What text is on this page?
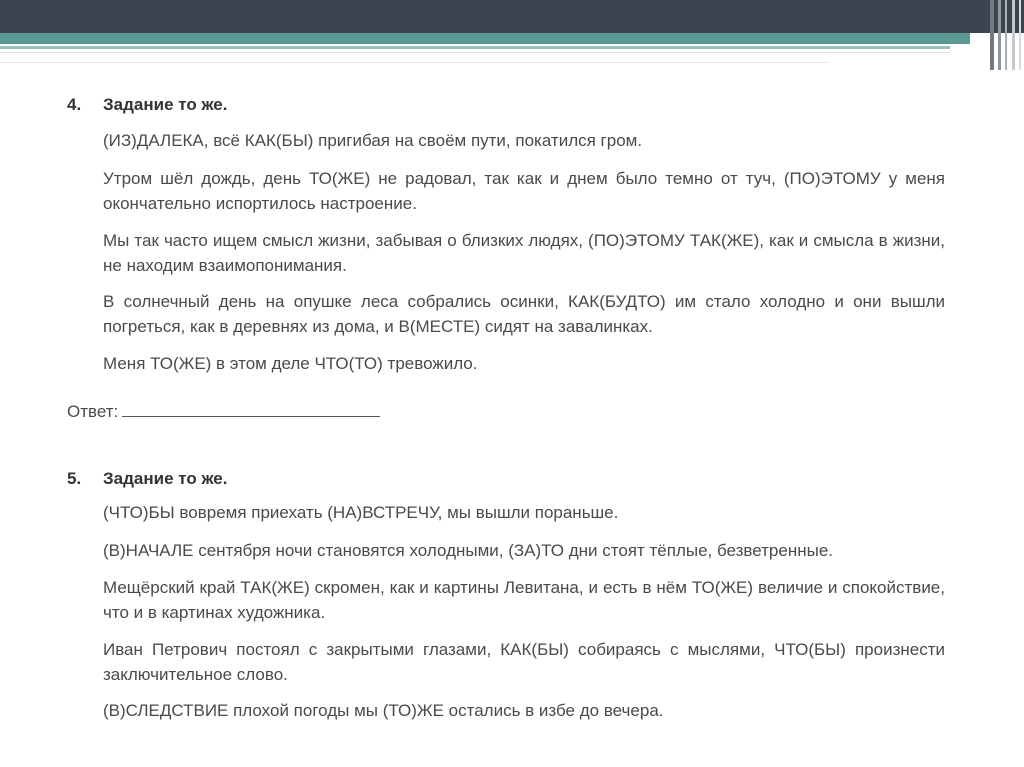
4. Задание то же.
(ИЗ)ДАЛЕКА, всё КАК(БЫ) пригибая на своём пути, покатился гром.
Утром шёл дождь, день ТО(ЖЕ) не радовал, так как и днем было темно от туч, (ПО)ЭТОМУ у меня окончательно испортилось настроение.
Мы так часто ищем смысл жизни, забывая о близких людях, (ПО)ЭТОМУ ТАК(ЖЕ), как и смысла в жизни, не находим взаимопонимания.
В солнечный день на опушке леса собрались осинки, КАК(БУДТО) им стало холодно и они вышли погреться, как в деревнях из дома, и В(МЕСТЕ) сидят на завалинках.
Меня ТО(ЖЕ) в этом деле ЧТО(ТО) тревожило.
Ответ:
5. Задание то же.
(ЧТО)БЫ вовремя приехать (НА)ВСТРЕЧУ, мы вышли пораньше.
(В)НАЧАЛЕ сентября ночи становятся холодными, (ЗА)ТО дни стоят тёплые, безветренные.
Мещёрский край ТАК(ЖЕ) скромен, как и картины Левитана, и есть в нём ТО(ЖЕ) величие и спокойствие, что и в картинах художника.
Иван Петрович постоял с закрытыми глазами, КАК(БЫ) собираясь с мыслями, ЧТО(БЫ) произнести заключительное слово.
(В)СЛЕДСТВИЕ плохой погоды мы (ТО)ЖЕ остались в избе до вечера.
